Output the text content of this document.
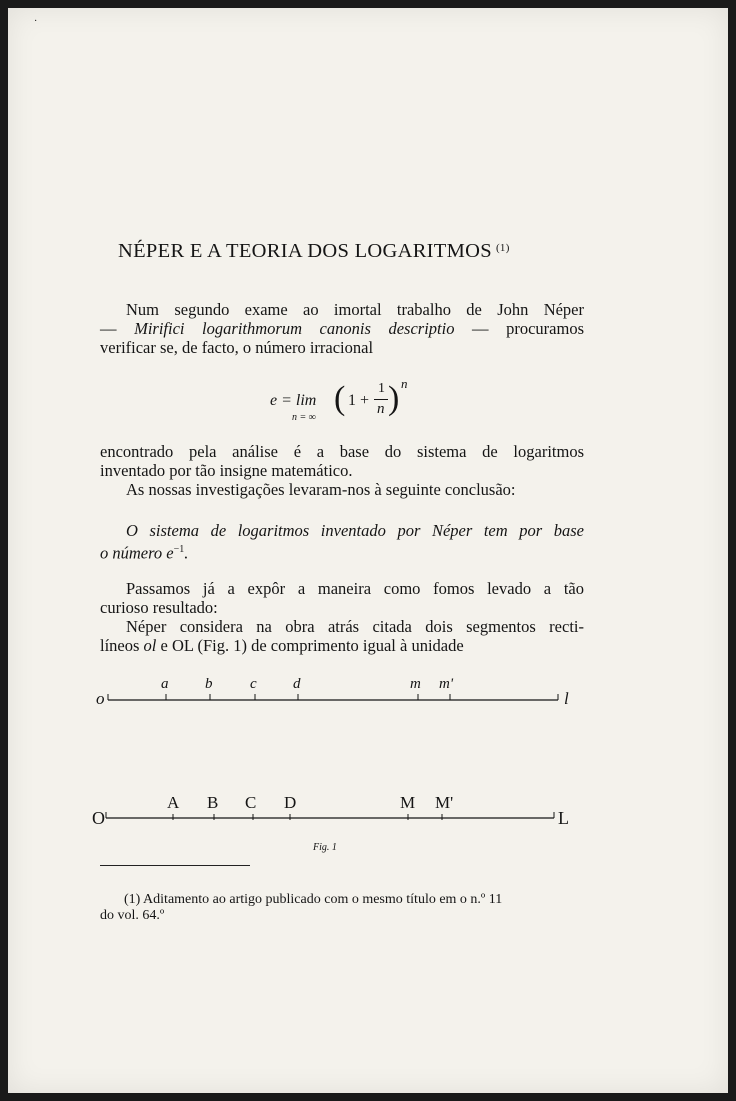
·
NÉPER E A TEORIA DOS LOGARITMOS $^{(1)}$
Num segundo exame ao imortal trabalho de John Néper
— Mirifici logarithmorum canonis descriptio — procuramos
verificar se, de facto, o número irracional
e = lim
n = ∞
( 1 +
1
n ) n
encontrado pela análise é a base do sistema de logaritmos
inventado por tão insigne matemático.
As nossas investigações levaram-nos à seguinte conclusão:
O sistema de logaritmos inventado por Néper tem por base
o número $e^{-1}$.
Passamos já a expôr a maneira como fomos levado a tão
curioso resultado:
Néper considera na obra atrás citada dois segmentos recti-
líneos ol e OL (Fig. 1) de comprimento igual à unidade
o
a b	c d	m m'
l
O
A B C D	M M'
L
Fig. 1
(1) Aditamento ao artigo publicado com o mesmo título em o n.º 11
do vol. 64.º
